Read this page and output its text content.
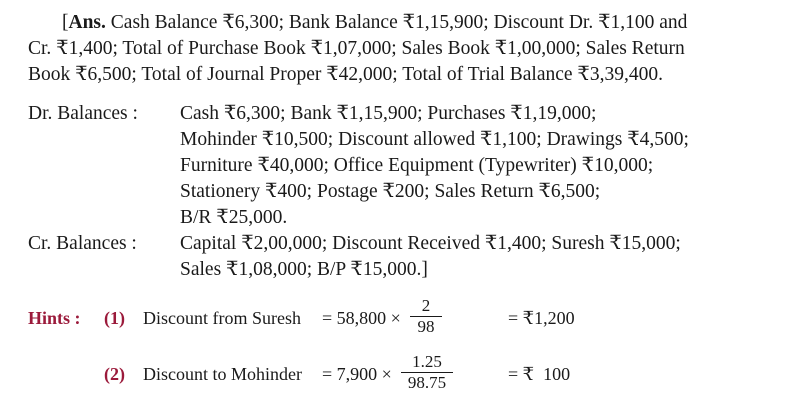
[Ans. Cash Balance ₹6,300; Bank Balance ₹1,15,900; Discount Dr. ₹1,100 and

Cr. ₹1,400; Total of Purchase Book ₹1,07,000; Sales Book ₹1,00,000; Sales Return

Book ₹6,500; Total of Journal Proper ₹42,000; Total of Trial Balance ₹3,39,400.

Dr. Balances : Cash ₹6,300; Bank ₹1,15,900; Purchases ₹1,19,000;
Mohinder ₹10,500; Discount allowed ₹1,100; Drawings ₹4,500;
Furniture ₹40,000; Office Equipment (Typewriter) ₹10,000;
Stationery ₹400; Postage ₹200; Sales Return ₹6,500;
B/R ₹25,000.
Cr. Balances : Capital ₹2,00,000; Discount Received ₹1,400; Suresh ₹15,000;
Sales ₹1,08,000; B/P ₹15,000.]
Hints : (1) Discount from Suresh = $58,800 \times \frac{2}{98}$	= ₹1,200
(2) Discount to Mohinder = $7,900 \times \frac{1.25}{98.75}$	= ₹  100
